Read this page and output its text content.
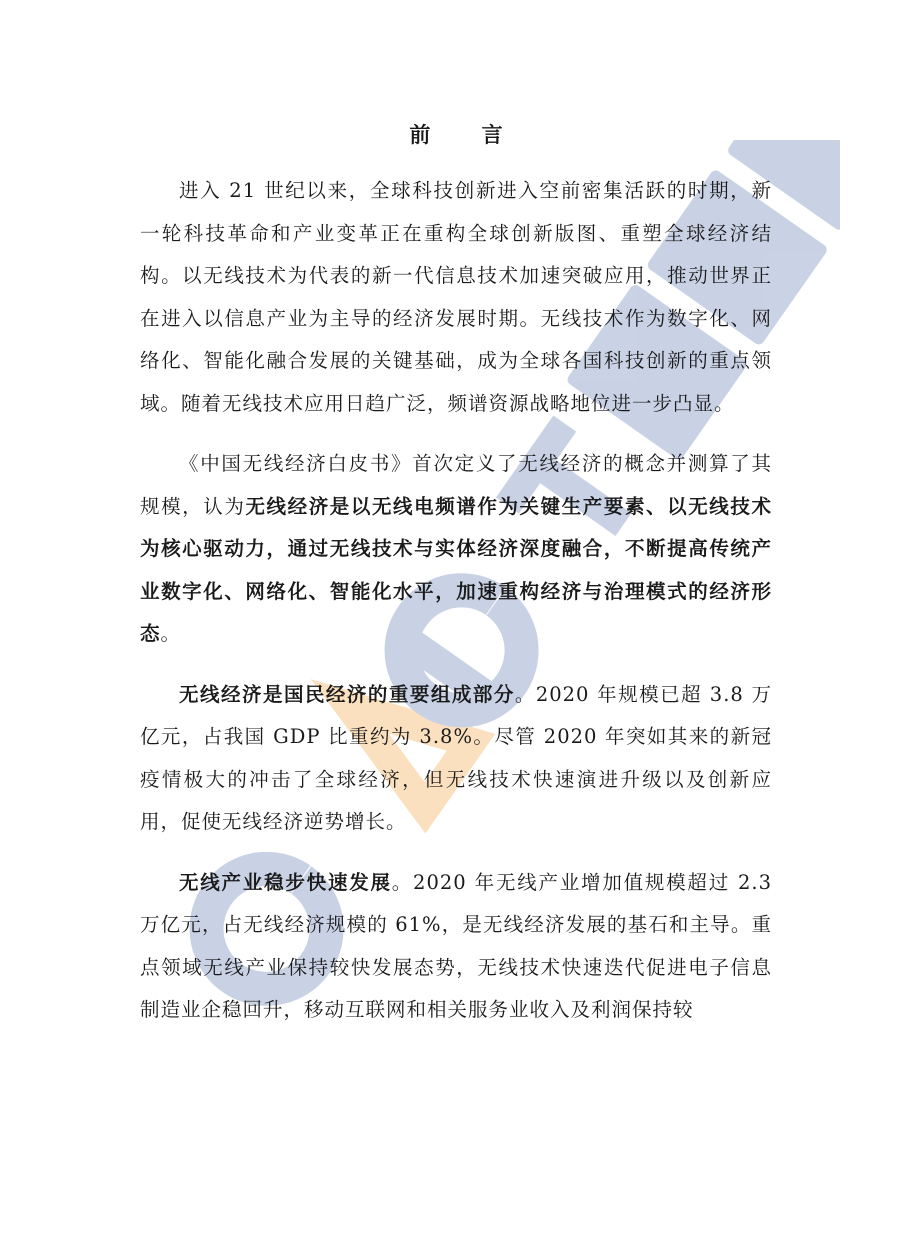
前 言

进入 21 世纪以来，全球科技创新进入空前密集活跃的时期，新一轮科技革命和产业变革正在重构全球创新版图、重塑全球经济结构。以无线技术为代表的新一代信息技术加速突破应用，推动世界正在进入以信息产业为主导的经济发展时期。无线技术作为数字化、网络化、智能化融合发展的关键基础，成为全球各国科技创新的重点领域。随着无线技术应用日趋广泛，频谱资源战略地位进一步凸显。

《中国无线经济白皮书》首次定义了无线经济的概念并测算了其规模，认为无线经济是以无线电频谱作为关键生产要素、以无线技术为核心驱动力，通过无线技术与实体经济深度融合，不断提高传统产业数字化、网络化、智能化水平，加速重构经济与治理模式的经济形态。

无线经济是国民经济的重要组成部分。2020 年规模已超 3.8 万亿元，占我国 GDP 比重约为 3.8%。尽管 2020 年突如其来的新冠疫情极大的冲击了全球经济，但无线技术快速演进升级以及创新应用，促使无线经济逆势增长。

无线产业稳步快速发展。2020 年无线产业增加值规模超过 2.3 万亿元，占无线经济规模的 61%，是无线经济发展的基石和主导。重点领域无线产业保持较快发展态势，无线技术快速迭代促进电子信息制造业企稳回升，移动互联网和相关服务业收入及利润保持较
